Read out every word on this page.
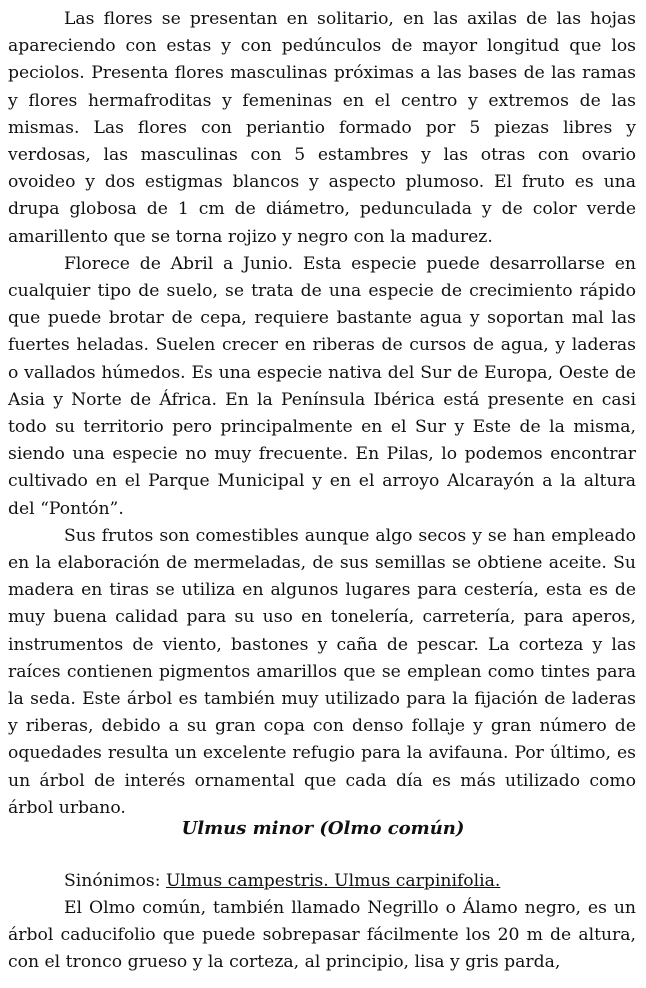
Las flores se presentan en solitario, en las axilas de las hojas apareciendo con estas y con pedúnculos de mayor longitud que los peciolos. Presenta flores masculinas próximas a las bases de las ramas y flores hermafroditas y femeninas en el centro y extremos de las mismas. Las flores con periantio formado por 5 piezas libres y verdosas, las masculinas con 5 estambres y las otras con ovario ovoideo y dos estigmas blancos y aspecto plumoso. El fruto es una drupa globosa de 1 cm de diámetro, pedunculada y de color verde amarillento que se torna rojizo y negro con la madurez.

Florece de Abril a Junio. Esta especie puede desarrollarse en cualquier tipo de suelo, se trata de una especie de crecimiento rápido que puede brotar de cepa, requiere bastante agua y soportan mal las fuertes heladas. Suelen crecer en riberas de cursos de agua, y laderas o vallados húmedos. Es una especie nativa del Sur de Europa, Oeste de Asia y Norte de África. En la Península Ibérica está presente en casi todo su territorio pero principalmente en el Sur y Este de la misma, siendo una especie no muy frecuente. En Pilas, lo podemos encontrar cultivado en el Parque Municipal y en el arroyo Alcarayón a la altura del “Pontón”.

Sus frutos son comestibles aunque algo secos y se han empleado en la elaboración de mermeladas, de sus semillas se obtiene aceite. Su madera en tiras se utiliza en algunos lugares para cestería, esta es de muy buena calidad para su uso en tonelería, carretería, para aperos, instrumentos de viento, bastones y caña de pescar. La corteza y las raíces contienen pigmentos amarillos que se emplean como tintes para la seda. Este árbol es también muy utilizado para la fijación de laderas y riberas, debido a su gran copa con denso follaje y gran número de oquedades resulta un excelente refugio para la avifauna. Por último, es un árbol de interés ornamental que cada día es más utilizado como árbol urbano.

Ulmus minor (Olmo común)

Sinónimos: Ulmus campestris. Ulmus carpinifolia.

El Olmo común, también llamado Negrillo o Álamo negro, es un árbol caducifolio que puede sobrepasar fácilmente los 20 m de altura, con el tronco grueso y la corteza, al principio, lisa y gris parda,
